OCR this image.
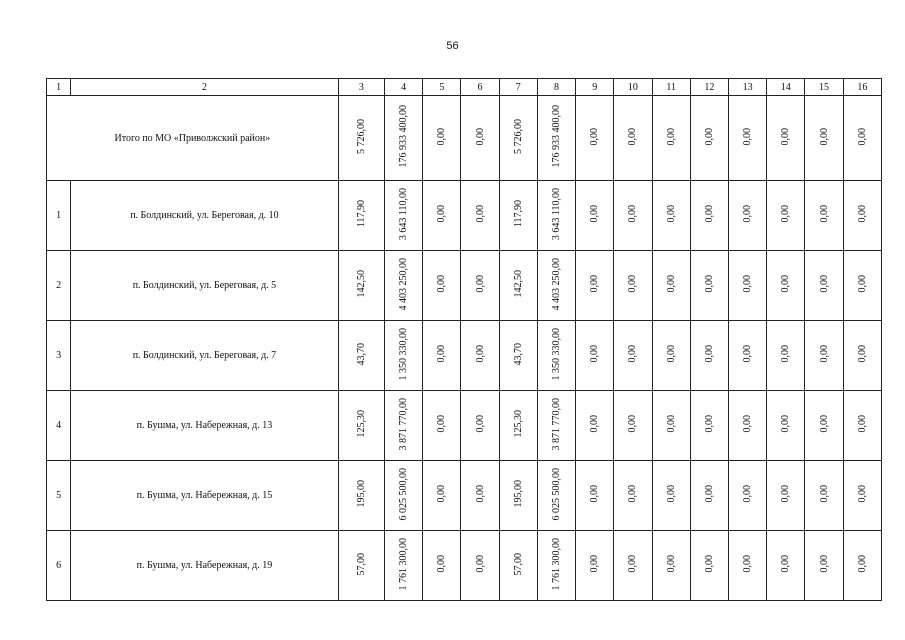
56
1	2	3	4	5	6	7	8	9	10	11	12	13	14	15	16
Итого по МО «Приволжский район»		5 726,00	176 933 400,00	0,00	0,00	5 726,00	176 933 400,00	0,00	0,00	0,00	0,00	0,00	0,00	0,00	0,00
1	п. Болдинский, ул. Береговая, д. 10	117,90	3 643 110,00	0,00	0,00	117,90	3 643 110,00	0,00	0,00	0,00	0,00	0,00	0,00	0,00	0,00
2	п. Болдинский, ул. Береговая, д. 5	142,50	4 403 250,00	0,00	0,00	142,50	4 403 250,00	0,00	0,00	0,00	0,00	0,00	0,00	0,00	0,00
3	п. Болдинский, ул. Береговая, д. 7	43,70	1 350 330,00	0,00	0,00	43,70	1 350 330,00	0,00	0,00	0,00	0,00	0,00	0,00	0,00	0,00
4	п. Бушма, ул. Набережная, д. 13	125,30	3 871 770,00	0,00	0,00	125,30	3 871 770,00	0,00	0,00	0,00	0,00	0,00	0,00	0,00	0,00
5	п. Бушма, ул. Набережная, д. 15	195,00	6 025 500,00	0,00	0,00	195,00	6 025 500,00	0,00	0,00	0,00	0,00	0,00	0,00	0,00	0,00
6	п. Бушма, ул. Набережная, д. 19	57,00	1 761 300,00	0,00	0,00	57,00	1 761 300,00	0,00	0,00	0,00	0,00	0,00	0,00	0,00	0,00
